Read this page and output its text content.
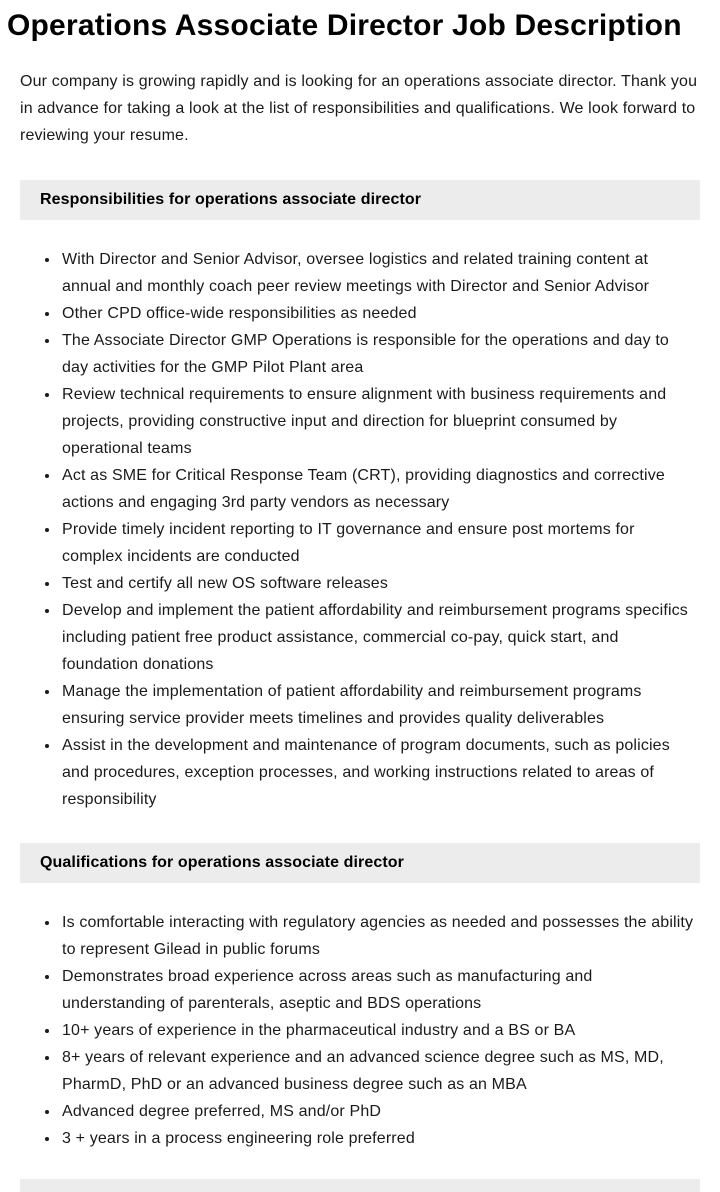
Operations Associate Director Job Description

Our company is growing rapidly and is looking for an operations associate director. Thank you in advance for taking a look at the list of responsibilities and qualifications. We look forward to reviewing your resume.

Responsibilities for operations associate director
• With Director and Senior Advisor, oversee logistics and related training content at annual and monthly coach peer review meetings with Director and Senior Advisor
• Other CPD office-wide responsibilities as needed
• The Associate Director GMP Operations is responsible for the operations and day to day activities for the GMP Pilot Plant area
• Review technical requirements to ensure alignment with business requirements and projects, providing constructive input and direction for blueprint consumed by operational teams
• Act as SME for Critical Response Team (CRT), providing diagnostics and corrective actions and engaging 3rd party vendors as necessary
• Provide timely incident reporting to IT governance and ensure post mortems for complex incidents are conducted
• Test and certify all new OS software releases
• Develop and implement the patient affordability and reimbursement programs specifics including patient free product assistance, commercial co-pay, quick start, and foundation donations
• Manage the implementation of patient affordability and reimbursement programs ensuring service provider meets timelines and provides quality deliverables
• Assist in the development and maintenance of program documents, such as policies and procedures, exception processes, and working instructions related to areas of responsibility
Qualifications for operations associate director
• Is comfortable interacting with regulatory agencies as needed and possesses the ability to represent Gilead in public forums
• Demonstrates broad experience across areas such as manufacturing and understanding of parenterals, aseptic and BDS operations
• 10+ years of experience in the pharmaceutical industry and a BS or BA
• 8+ years of relevant experience and an advanced science degree such as MS, MD, PharmD, PhD or an advanced business degree such as an MBA
• Advanced degree preferred, MS and/or PhD
• 3 + years in a process engineering role preferred
